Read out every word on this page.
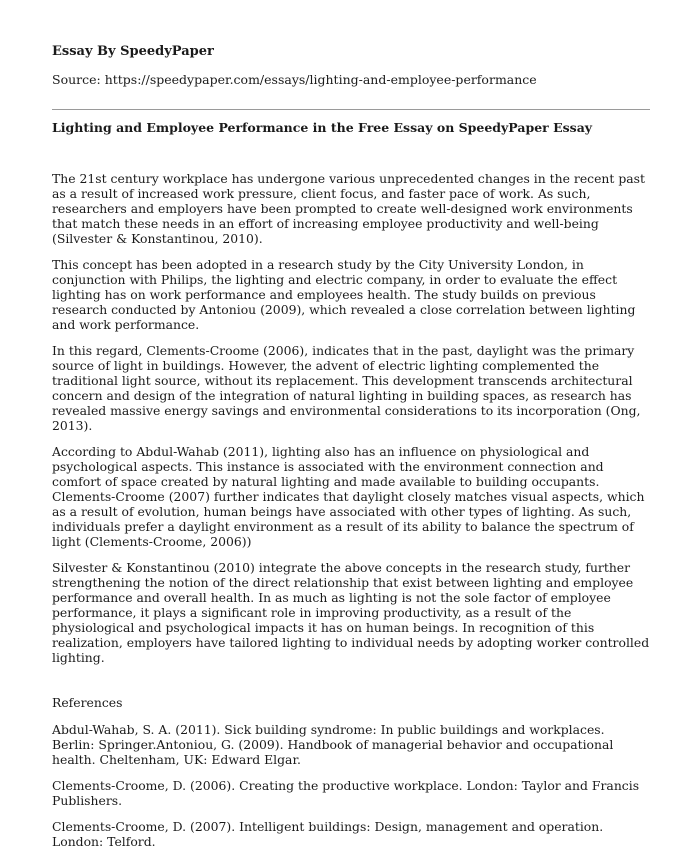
Essay By SpeedyPaper

Source: https://speedypaper.com/essays/lighting-and-employee-performance

Lighting and Employee Performance in the Free Essay on SpeedyPaper Essay

The 21st century workplace has undergone various unprecedented changes in the recent past as a result of increased work pressure, client focus, and faster pace of work. As such, researchers and employers have been prompted to create well-designed work environments that match these needs in an effort of increasing employee productivity and well-being (Silvester & Konstantinou, 2010).

This concept has been adopted in a research study by the City University London, in conjunction with Philips, the lighting and electric company, in order to evaluate the effect lighting has on work performance and employees health. The study builds on previous research conducted by Antoniou (2009), which revealed a close correlation between lighting and work performance.

In this regard, Clements-Croome (2006), indicates that in the past, daylight was the primary source of light in buildings. However, the advent of electric lighting complemented the traditional light source, without its replacement. This development transcends architectural concern and design of the integration of natural lighting in building spaces, as research has revealed massive energy savings and environmental considerations to its incorporation (Ong, 2013).

According to Abdul-Wahab (2011), lighting also has an influence on physiological and psychological aspects. This instance is associated with the environment connection and comfort of space created by natural lighting and made available to building occupants. Clements-Croome (2007) further indicates that daylight closely matches visual aspects, which as a result of evolution, human beings have associated with other types of lighting. As such, individuals prefer a daylight environment as a result of its ability to balance the spectrum of light (Clements-Croome, 2006))

Silvester & Konstantinou (2010) integrate the above concepts in the research study, further strengthening the notion of the direct relationship that exist between lighting and employee performance and overall health. In as much as lighting is not the sole factor of employee performance, it plays a significant role in improving productivity, as a result of the physiological and psychological impacts it has on human beings. In recognition of this realization, employers have tailored lighting to individual needs by adopting worker controlled lighting.

References

Abdul-Wahab, S. A. (2011). Sick building syndrome: In public buildings and workplaces. Berlin: Springer.Antoniou, G. (2009). Handbook of managerial behavior and occupational health. Cheltenham, UK: Edward Elgar.

Clements-Croome, D. (2006). Creating the productive workplace. London: Taylor and Francis Publishers.

Clements-Croome, D. (2007). Intelligent buildings: Design, management and operation. London: Telford.
